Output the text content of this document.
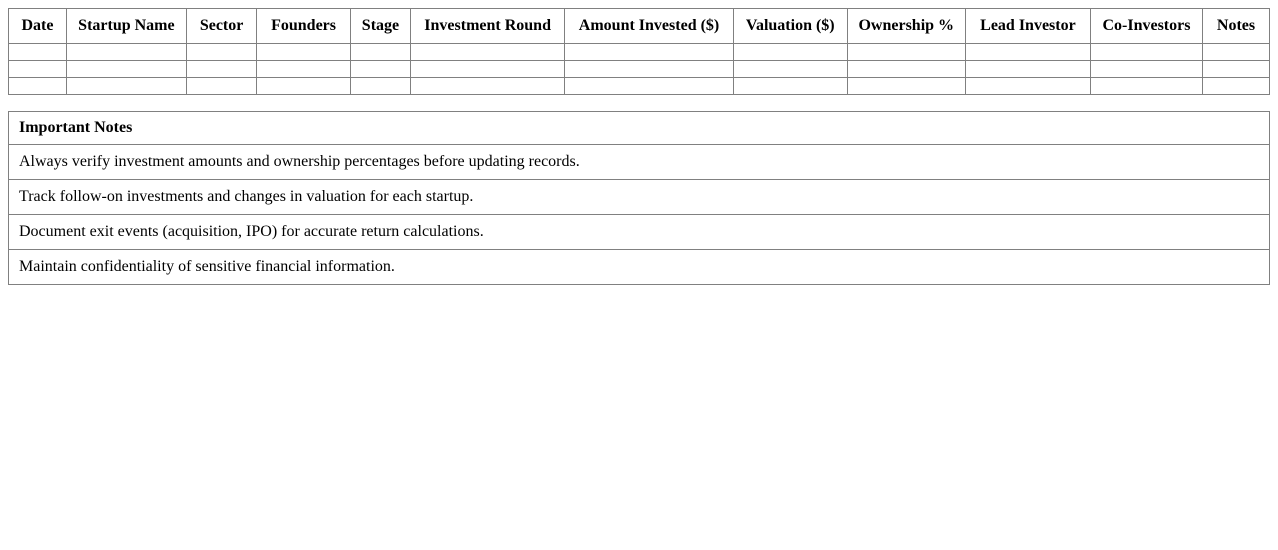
Date	Startup Name	Sector	Founders	Stage	Investment Round	Amount Invested ($)	Valuation ($)	Ownership %	Lead Investor	Co-Investors	Notes

Important Notes
Always verify investment amounts and ownership percentages before updating records.
Track follow-on investments and changes in valuation for each startup.
Document exit events (acquisition, IPO) for accurate return calculations.
Maintain confidentiality of sensitive financial information.
